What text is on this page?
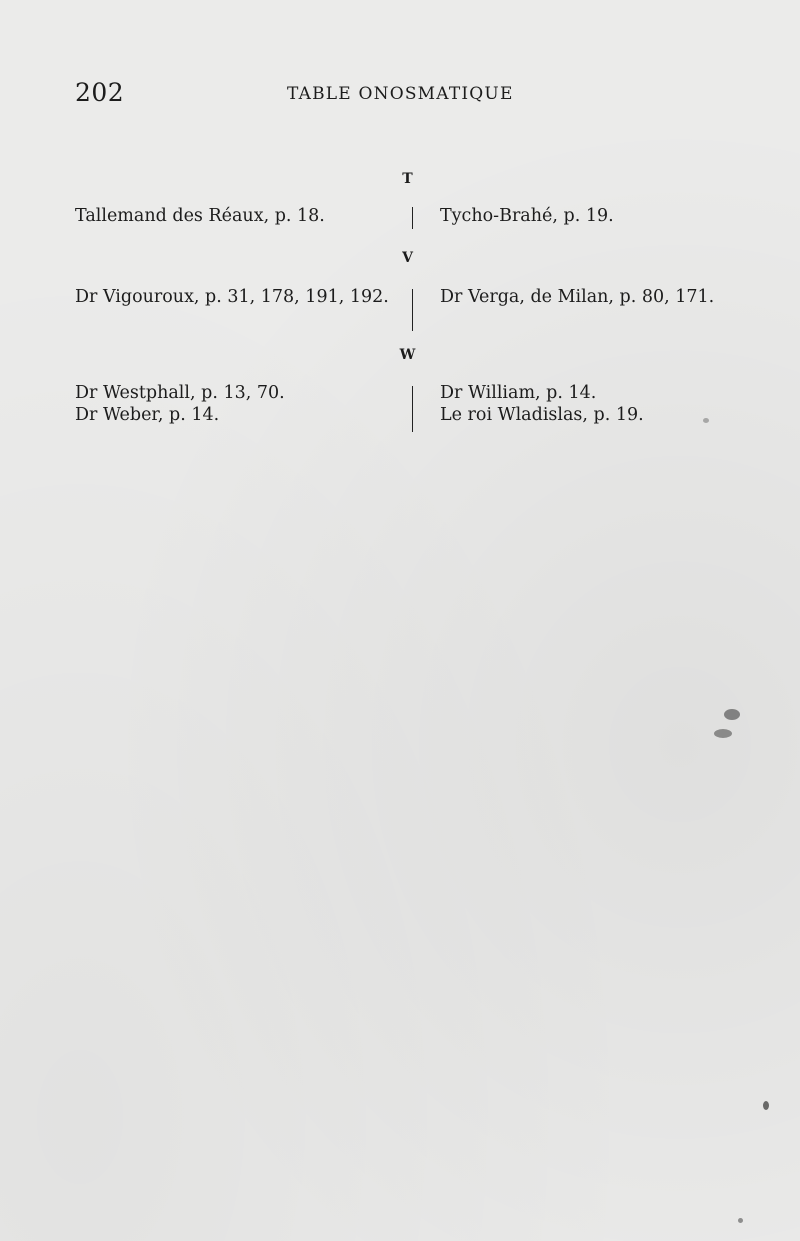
202	TABLE ONOSMATIQUE
T
Tallemand des Réaux, p. 18.	Tycho-Brahé, p. 19.
V
Dr Vigouroux, p. 31, 178, 191, 192.	Dr Verga, de Milan, p. 80, 171.
W
Dr Westphall, p. 13, 70.
Dr Weber, p. 14.
Dr William, p. 14.
Le roi Wladislas, p. 19.
